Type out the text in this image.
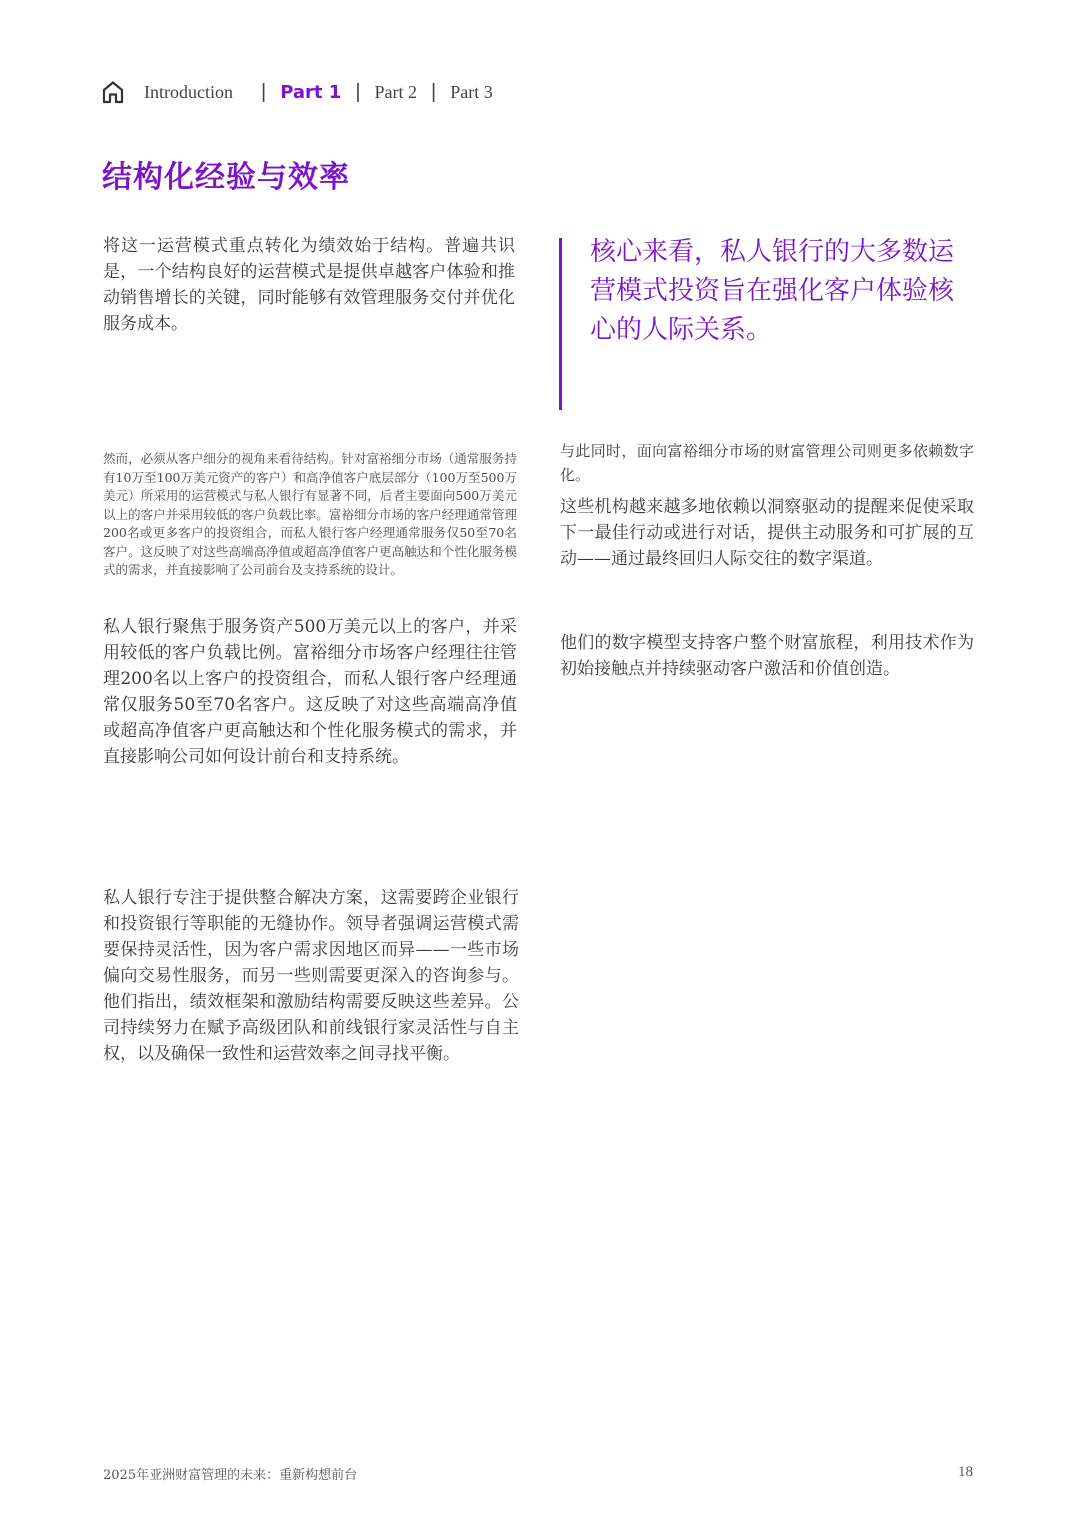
Introduction | Part 1 | Part 2 | Part 3
结构化经验与效率

将这一运营模式重点转化为绩效始于结构。普遍共识是，一个结构良好的运营模式是提供卓越客户体验和推动销售增长的关键，同时能够有效管理服务交付并优化服务成本。

然而，必须从客户细分的视角来看待结构。针对富裕细分市场（通常服务持有10万至100万美元资产的客户）和高净值客户底层部分（100万至500万美元）所采用的运营模式与私人银行有显著不同，后者主要面向500万美元以上的客户并采用较低的客户负载比率。富裕细分市场的客户经理通常管理200名或更多客户的投资组合，而私人银行客户经理通常服务仅50至70名客户。这反映了对这些高端高净值或超高净值客户更高触达和个性化服务模式的需求，并直接影响了公司前台及支持系统的设计。

私人银行聚焦于服务资产500万美元以上的客户，并采用较低的客户负载比例。富裕细分市场客户经理往往管理200名以上客户的投资组合，而私人银行客户经理通常仅服务50至70名客户。这反映了对这些高端高净值或超高净值客户更高触达和个性化服务模式的需求，并直接影响公司如何设计前台和支持系统。

私人银行专注于提供整合解决方案，这需要跨企业银行和投资银行等职能的无缝协作。领导者强调运营模式需要保持灵活性，因为客户需求因地区而异——一些市场偏向交易性服务，而另一些则需要更深入的咨询参与。他们指出，绩效框架和激励结构需要反映这些差异。公司持续努力在赋予高级团队和前线银行家灵活性与自主权，以及确保一致性和运营效率之间寻找平衡。

核心来看，私人银行的大多数运营模式投资旨在强化客户体验核心的人际关系。

与此同时，面向富裕细分市场的财富管理公司则更多依赖数字化。

这些机构越来越多地依赖以洞察驱动的提醒来促使采取下一最佳行动或进行对话，提供主动服务和可扩展的互动——通过最终回归人际交往的数字渠道。

他们的数字模型支持客户整个财富旅程，利用技术作为初始接触点并持续驱动客户激活和价值创造。

2025年亚洲财富管理的未来：重新构想前台	18
